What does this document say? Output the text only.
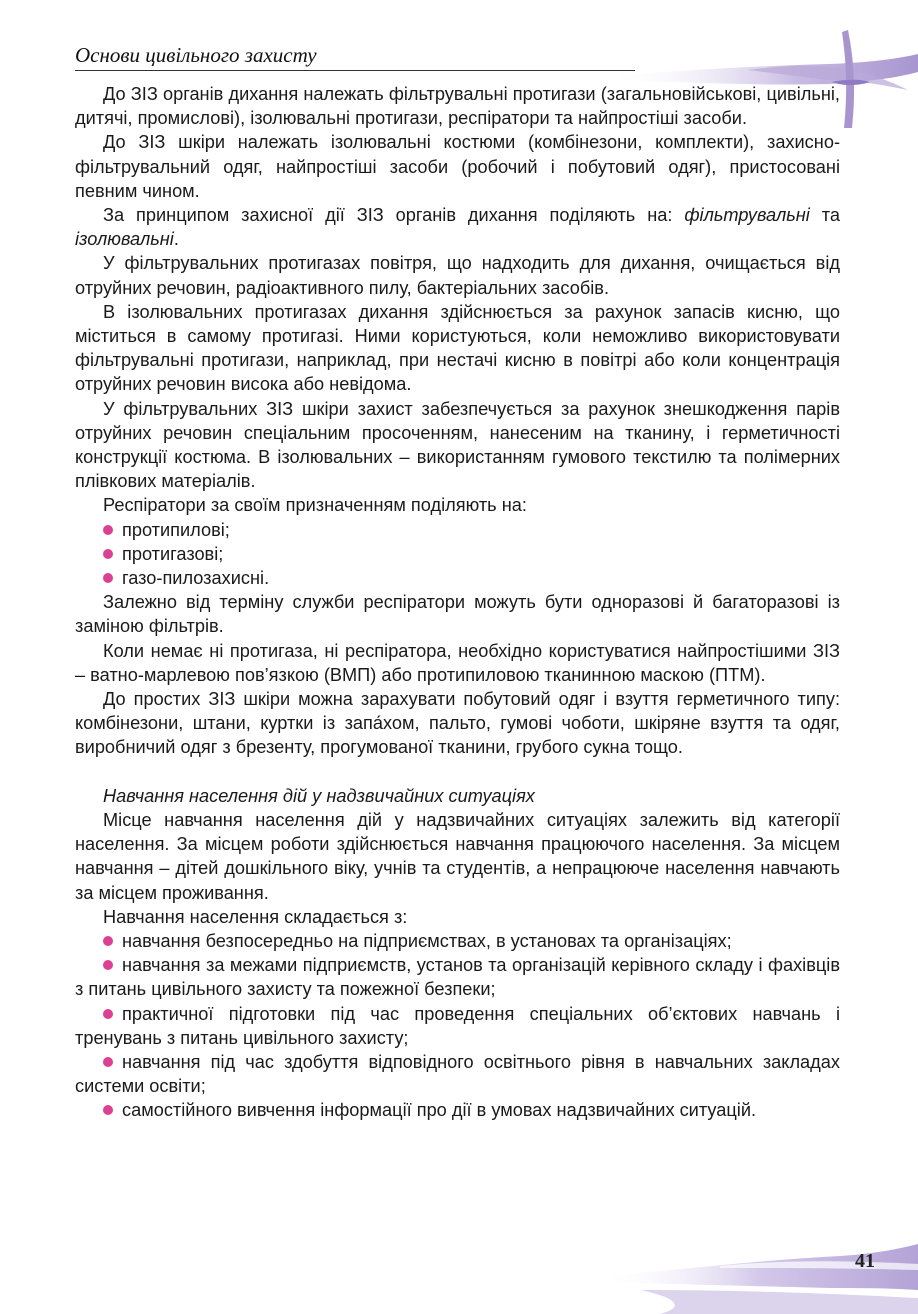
Основи цивільного захисту

До ЗІЗ органів дихання належать фільтрувальні протигази (загальновійськові, цивільні, дитячі, промислові), ізолювальні протигази, респіратори та найпростіші засоби.

До ЗІЗ шкіри належать ізолювальні костюми (комбінезони, комплекти), захисно-фільтрувальний одяг, найпростіші засоби (робочий і побутовий одяг), пристосовані певним чином.

За принципом захисної дії ЗІЗ органів дихання поділяють на: фільтрувальні та ізолювальні.

У фільтрувальних протигазах повітря, що надходить для дихання, очищається від отруйних речовин, радіоактивного пилу, бактеріальних засобів.

В ізолювальних протигазах дихання здійснюється за рахунок запасів кисню, що міститься в самому протигазі. Ними користуються, коли неможливо використовувати фільтрувальні протигази, наприклад, при нестачі кисню в повітрі або коли концентрація отруйних речовин висока або невідома.

У фільтрувальних ЗІЗ шкіри захист забезпечується за рахунок знешкодження парів отруйних речовин спеціальним просоченням, нанесеним на тканину, і герметичності конструкції костюма. В ізолювальних – використанням гумового текстилю та полімерних плівкових матеріалів.

Респіратори за своїм призначенням поділяють на:

протипилові;

протигазові;

газо-пилозахисні.

Залежно від терміну служби респіратори можуть бути одноразові й багаторазові із заміною фільтрів.

Коли немає ні протигаза, ні респіратора, необхідно користуватися найпростішими ЗІЗ – ватно-марлевою пов’язкою (ВМП) або протипиловою тканинною маскою (ПТМ).

До простих ЗІЗ шкіри можна зарахувати побутовий одяг і взуття герметичного типу: комбінезони, штани, куртки із запа́хом, пальто, гумові чоботи, шкіряне взуття та одяг, виробничий одяг з брезенту, прогумованої тканини, грубого сукна тощо.

Навчання населення дій у надзвичайних ситуаціях

Місце навчання населення дій у надзвичайних ситуаціях залежить від категорії населення. За місцем роботи здійснюється навчання працюючого населення. За місцем навчання – дітей дошкільного віку, учнів та студентів, а непрацююче населення навчають за місцем проживання.

Навчання населення складається з:

навчання безпосередньо на підприємствах, в установах та організаціях;

навчання за межами підприємств, установ та організацій керівного складу і фахівців з питань цивільного захисту та пожежної безпеки;

практичної підготовки під час проведення спеціальних об’єктових навчань і тренувань з питань цивільного захисту;

навчання під час здобуття відповідного освітнього рівня в навчальних закладах системи освіти;

самостійного вивчення інформації про дії в умовах надзвичайних ситуацій.

41
